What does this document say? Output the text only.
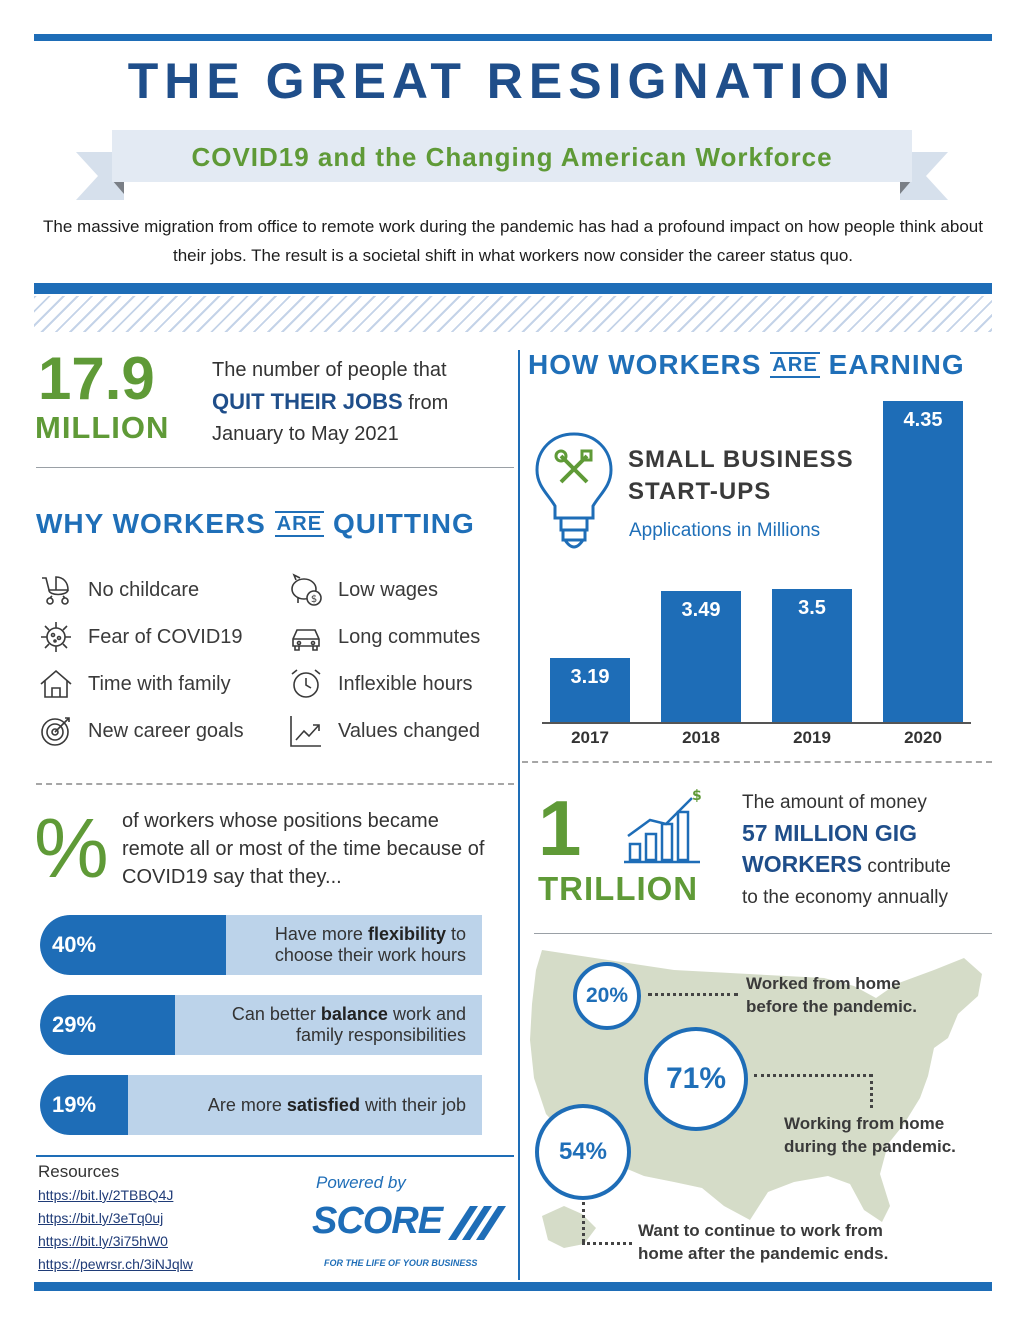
THE GREAT RESIGNATION
COVID19 and the Changing American Workforce
The massive migration from office to remote work during the pandemic has had a profound impact on how people think about their jobs. The result is a societal shift in what workers now consider the career status quo.
17.9
MILLION
The number of people that
QUIT THEIR JOBS from
January to May 2021
WHY WORKERS ARE QUITTING
No childcare	$ Low wages
Fear of COVID19	Long commutes
Time with family	Inflexible hours
New career goals	Values changed
% of workers whose positions became remote all or most of the time because of COVID19 say that they...
40%	Have more flexibility to
choose their work hours
29%	Can better balance work and
family responsibilities
19%	Are more satisfied with their job
Resources
https://bit.ly/2TBBQ4J
https://bit.ly/3eTq0uj
https://bit.ly/3i75hW0
https://pewrsr.ch/3iNJqlw
Powered by
SCORE
FOR THE LIFE OF YOUR BUSINESS
HOW WORKERS ARE EARNING
SMALL BUSINESS
START-UPS
Applications in Millions
3.19
2017
3.49
2018
3.5
2019
4.35
2020
1
TRILLION
$ The amount of money
57 MILLION GIG
WORKERS contribute
to the economy annually
20%
Worked from home
before the pandemic.
71%
Working from home
during the pandemic.
54%
Want to continue to work from
home after the pandemic ends.
